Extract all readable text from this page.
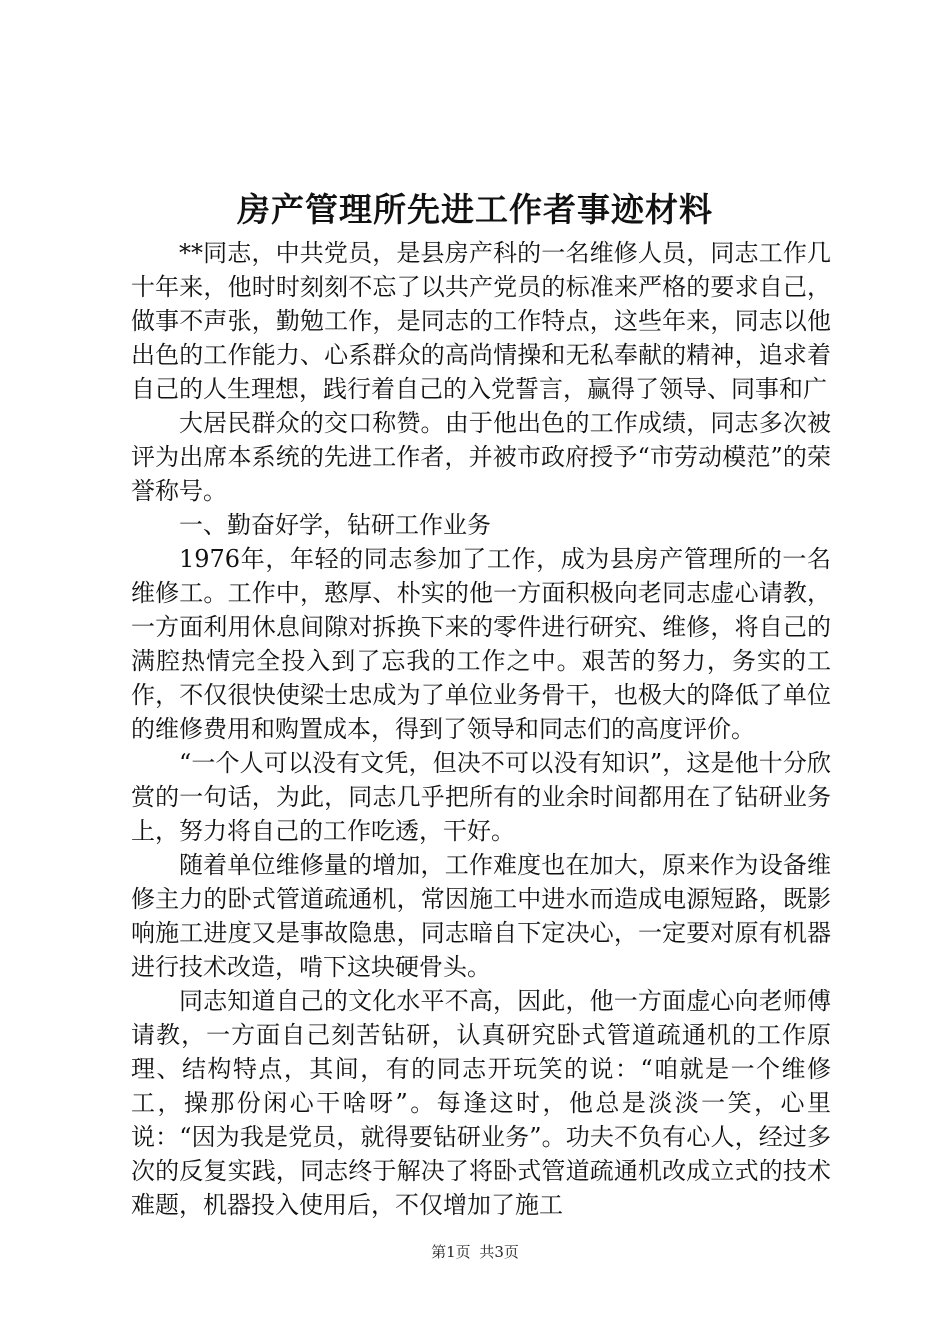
房产管理所先进工作者事迹材料

**同志，中共党员，是县房产科的一名维修人员，同志工作几十年来，他时时刻刻不忘了以共产党员的标准来严格的要求自己，做事不声张，勤勉工作，是同志的工作特点，这些年来，同志以他出色的工作能力、心系群众的高尚情操和无私奉献的精神，追求着自己的人生理想，践行着自己的入党誓言，赢得了领导、同事和广

大居民群众的交口称赞。由于他出色的工作成绩，同志多次被评为出席本系统的先进工作者，并被市政府授予“市劳动模范”的荣誉称号。

一、勤奋好学，钻研工作业务

1976年，年轻的同志参加了工作，成为县房产管理所的一名维修工。工作中，憨厚、朴实的他一方面积极向老同志虚心请教，一方面利用休息间隙对拆换下来的零件进行研究、维修，将自己的满腔热情完全投入到了忘我的工作之中。艰苦的努力，务实的工作，不仅很快使梁士忠成为了单位业务骨干，也极大的降低了单位的维修费用和购置成本，得到了领导和同志们的高度评价。

“一个人可以没有文凭，但决不可以没有知识”，这是他十分欣赏的一句话，为此，同志几乎把所有的业余时间都用在了钻研业务上，努力将自己的工作吃透，干好。

随着单位维修量的增加，工作难度也在加大，原来作为设备维修主力的卧式管道疏通机，常因施工中进水而造成电源短路，既影响施工进度又是事故隐患，同志暗自下定决心，一定要对原有机器进行技术改造，啃下这块硬骨头。

同志知道自己的文化水平不高，因此，他一方面虚心向老师傅请教，一方面自己刻苦钻研，认真研究卧式管道疏通机的工作原理、结构特点，其间，有的同志开玩笑的说：“咱就是一个维修工，操那份闲心干啥呀”。每逢这时，他总是淡淡一笑，心里说：“因为我是党员，就得要钻研业务”。功夫不负有心人，经过多次的反复实践，同志终于解决了将卧式管道疏通机改成立式的技术难题，机器投入使用后，不仅增加了施工

第1页 共3页
